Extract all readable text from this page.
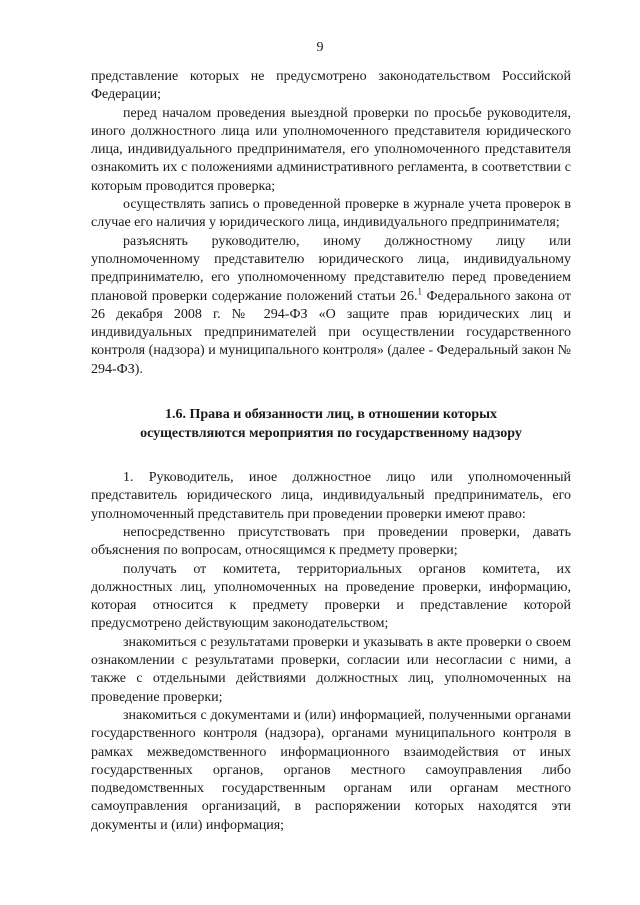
9

представление которых не предусмотрено законодательством Российской Федерации;

перед началом проведения выездной проверки по просьбе руководителя, иного должностного лица или уполномоченного представителя юридического лица, индивидуального предпринимателя, его уполномоченного представителя ознакомить их с положениями административного регламента, в соответствии с которым проводится проверка;

осуществлять запись о проведенной проверке в журнале учета проверок в случае его наличия у юридического лица, индивидуального предпринимателя;

разъяснять руководителю, иному должностному лицу или уполномоченному представителю юридического лица, индивидуальному предпринимателю, его уполномоченному представителю перед проведением плановой проверки содержание положений статьи 26.$^1$ Федерального закона от 26 декабря 2008 г. № 294-ФЗ «О защите прав юридических лиц и индивидуальных предпринимателей при осуществлении государственного контроля (надзора) и муниципального контроля» (далее - Федеральный закон № 294-ФЗ).

1.6. Права и обязанности лиц, в отношении которых
осуществляются мероприятия по государственному надзору

1. Руководитель, иное должностное лицо или уполномоченный представитель юридического лица, индивидуальный предприниматель, его уполномоченный представитель при проведении проверки имеют право:

непосредственно присутствовать при проведении проверки, давать объяснения по вопросам, относящимся к предмету проверки;

получать от комитета, территориальных органов комитета, их должностных лиц, уполномоченных на проведение проверки, информацию, которая относится к предмету проверки и представление которой предусмотрено действующим законодательством;

знакомиться с результатами проверки и указывать в акте проверки о своем ознакомлении с результатами проверки, согласии или несогласии с ними, а также с отдельными действиями должностных лиц, уполномоченных на проведение проверки;

знакомиться с документами и (или) информацией, полученными органами государственного контроля (надзора), органами муниципального контроля в рамках межведомственного информационного взаимодействия от иных государственных органов, органов местного самоуправления либо подведомственных государственным органам или органам местного самоуправления организаций, в распоряжении которых находятся эти документы и (или) информация;
